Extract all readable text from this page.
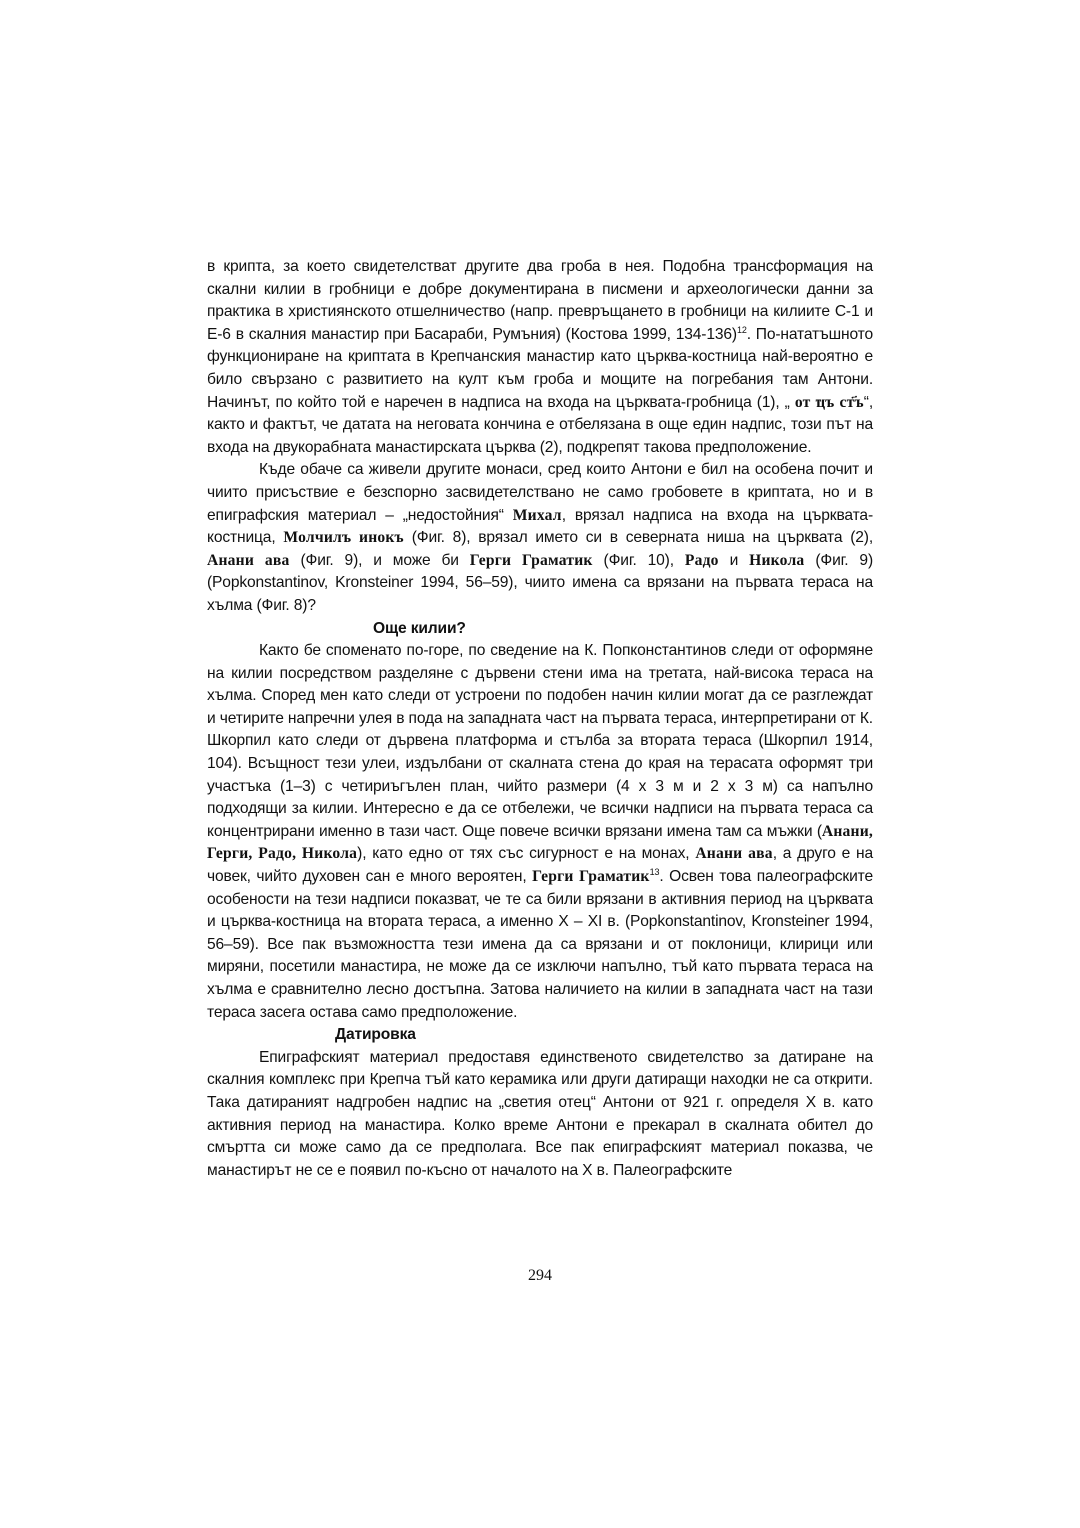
в крипта, за което свидетелстват другите два гроба в нея. Подобна трансформация на скални килии в гробници е добре документирана в писмени и археологически данни за практика в християнското отшелничество (напр. превръщането в гробници на килиите С-1 и Е-6 в скалния манастир при Басараби, Румъния) (Костова 1999, 134-136)$^{12}$. По-нататъшното функциониране на криптата в Крепчанския манастир като църква-костница най-вероятно е било свързано с развитието на култ към гроба и мощите на погребания там Антони. Начинът, по който той е наречен в надписа на входа на църквата-гробница (1), „ от ҵъ ст҃ъ“, както и фактът, че датата на неговата кончина е отбелязана в още един надпис, този път на входа на двукорабната манастирската църква (2), подкрепят такова предположение.

Къде обаче са живели другите монаси, сред които Антони е бил на особена почит и чиито присъствие е безспорно засвидетелствано не само гробовете в криптата, но и в епиграфския материал – „недостойния“ Михал, врязал надписа на входа на църквата-костница, Молчилъ инокъ (Фиг. 8), врязал името си в северната ниша на църквата (2), Анани ава (Фиг. 9), и може би Герги Граматик (Фиг. 10), Радо и Никола (Фиг. 9) (Popkonstantinov, Kronsteiner 1994, 56–59), чиито имена са врязани на първата тераса на хълма (Фиг. 8)?

Още килии?

Както бе споменато по-горе, по сведение на К. Попконстантинов следи от оформяне на килии посредством разделяне с дървени стени има на третата, най-висока тераса на хълма. Според мен като следи от устроени по подобен начин килии могат да се разглеждат и четирите напречни улея в пода на западната част на първата тераса, интерпретирани от К. Шкорпил като следи от дървена платформа и стълба за втората тераса (Шкорпил 1914, 104). Всъщност тези улеи, издълбани от скалната стена до края на терасата оформят три участъка (1–3) с четириъгълен план, чийто размери (4 х 3 м и 2 х 3 м) са напълно подходящи за килии. Интересно е да се отбележи, че всички надписи на първата тераса са концентрирани именно в тази част. Още повече всички врязани имена там са мъжки (Анани, Герги, Радо, Никола), като едно от тях със сигурност е на монах, Анани ава, а друго е на човек, чийто духовен сан е много вероятен, Герги Граматик$^{13}$. Освен това палеографските особености на тези надписи показват, че те са били врязани в активния период на църквата и църква-костница на втората тераса, а именно Х – ХІ в. (Popkonstantinov, Kronsteiner 1994, 56–59). Все пак възможността тези имена да са врязани и от поклоници, клирици или миряни, посетили манастира, не може да се изключи напълно, тъй като първата тераса на хълма е сравнително лесно достъпна. Затова наличието на килии в западната част на тази тераса засега остава само предположение.

Датировка

Епиграфският материал предоставя единственото свидетелство за датиране на скалния комплекс при Крепча тъй като керамика или други датиращи находки не са открити. Така датираният надгробен надпис на „светия отец“ Антони от 921 г. определя Х в. като активния период на манастира. Колко време Антони е прекарал в скалната обител до смъртта си може само да се предполага. Все пак епиграфският материал показва, че манастирът не се е появил по-късно от началото на Х в. Палеографските

294
